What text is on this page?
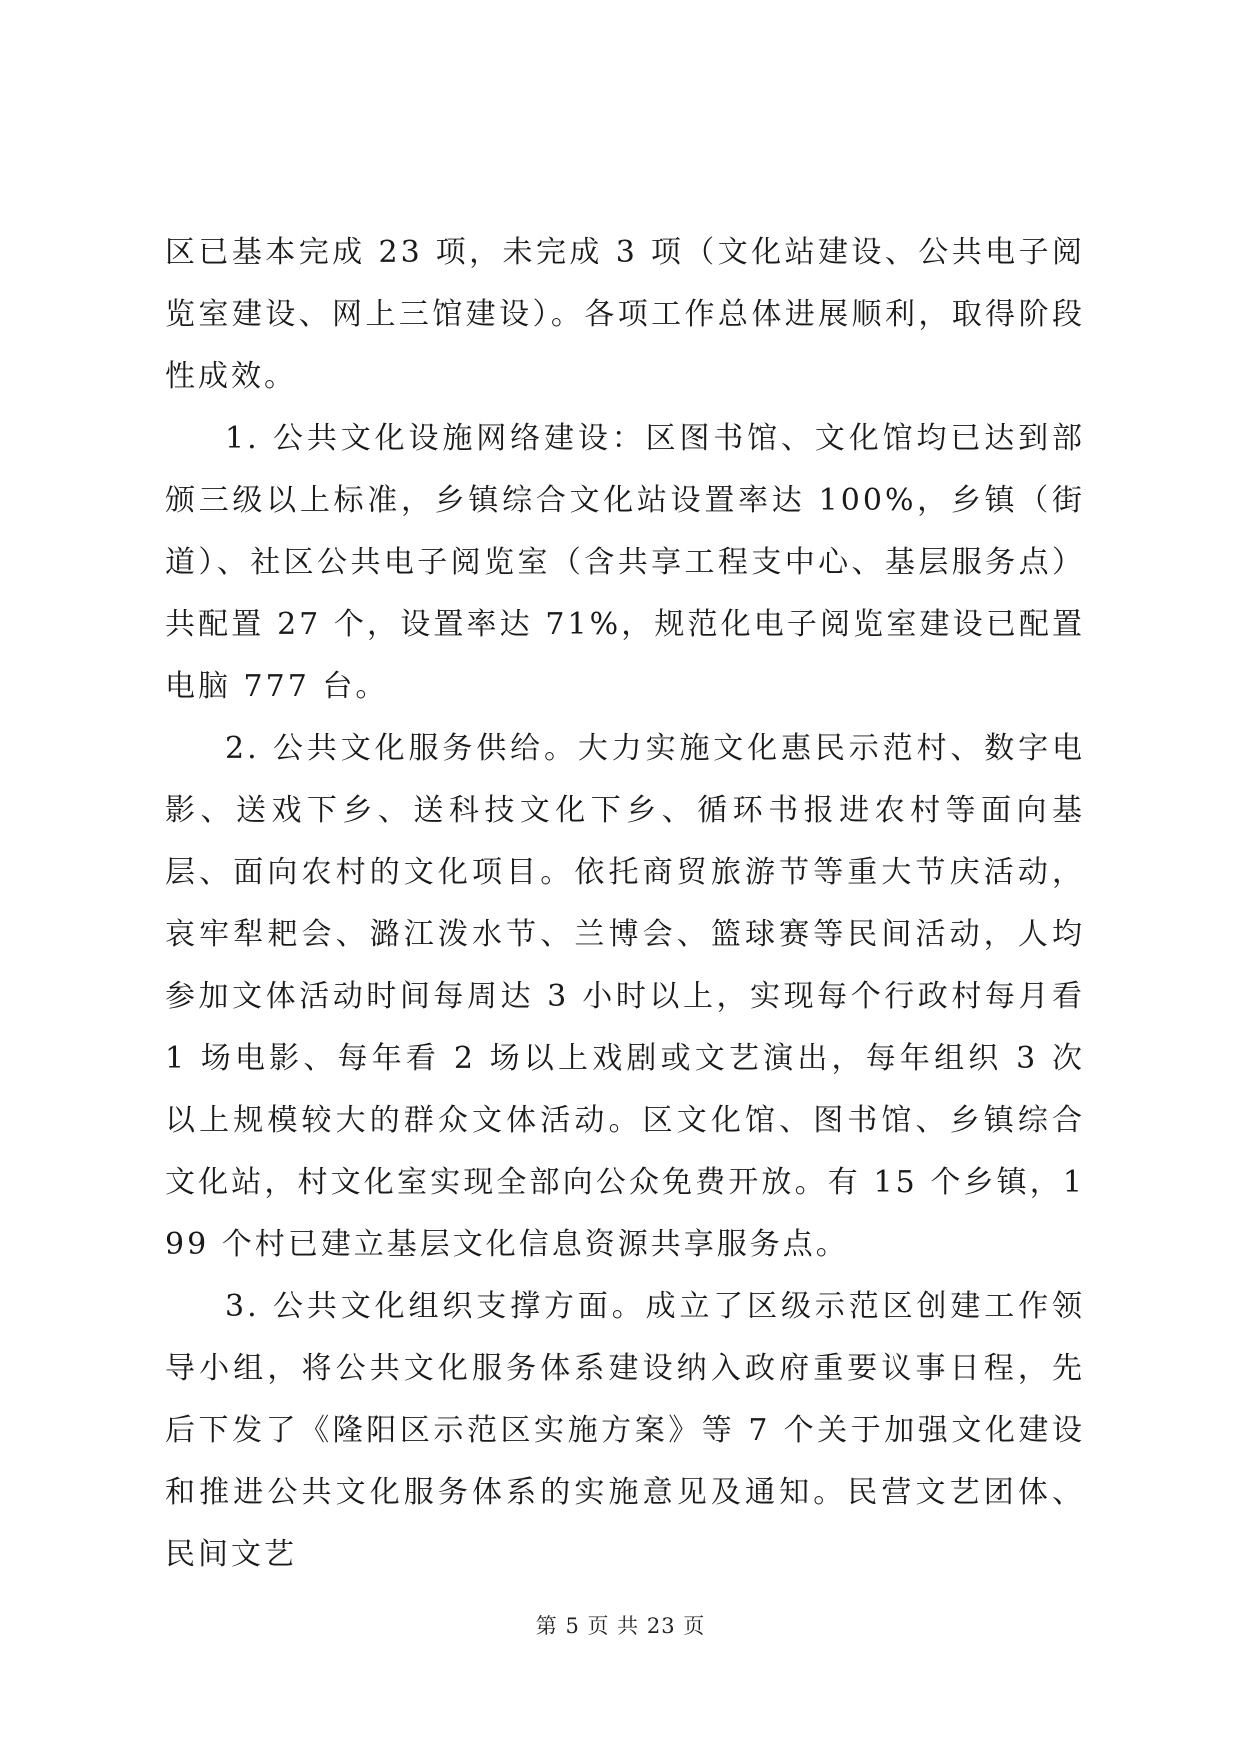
区已基本完成 23 项，未完成 3 项（文化站建设、公共电子阅览室建设、网上三馆建设）。各项工作总体进展顺利，取得阶段性成效。

1. 公共文化设施网络建设：区图书馆、文化馆均已达到部颁三级以上标准，乡镇综合文化站设置率达 100%，乡镇（街道）、社区公共电子阅览室（含共享工程支中心、基层服务点）共配置 27 个，设置率达 71%，规范化电子阅览室建设已配置电脑 777 台。

2. 公共文化服务供给。大力实施文化惠民示范村、数字电影、送戏下乡、送科技文化下乡、循环书报进农村等面向基层、面向农村的文化项目。依托商贸旅游节等重大节庆活动，哀牢犁耙会、潞江泼水节、兰博会、篮球赛等民间活动，人均参加文体活动时间每周达 3 小时以上，实现每个行政村每月看 1 场电影、每年看 2 场以上戏剧或文艺演出，每年组织 3 次以上规模较大的群众文体活动。区文化馆、图书馆、乡镇综合文化站，村文化室实现全部向公众免费开放。有 15 个乡镇，199 个村已建立基层文化信息资源共享服务点。

3. 公共文化组织支撑方面。成立了区级示范区创建工作领导小组，将公共文化服务体系建设纳入政府重要议事日程，先后下发了《隆阳区示范区实施方案》等 7 个关于加强文化建设和推进公共文化服务体系的实施意见及通知。民营文艺团体、民间文艺

第 5 页 共 23 页
